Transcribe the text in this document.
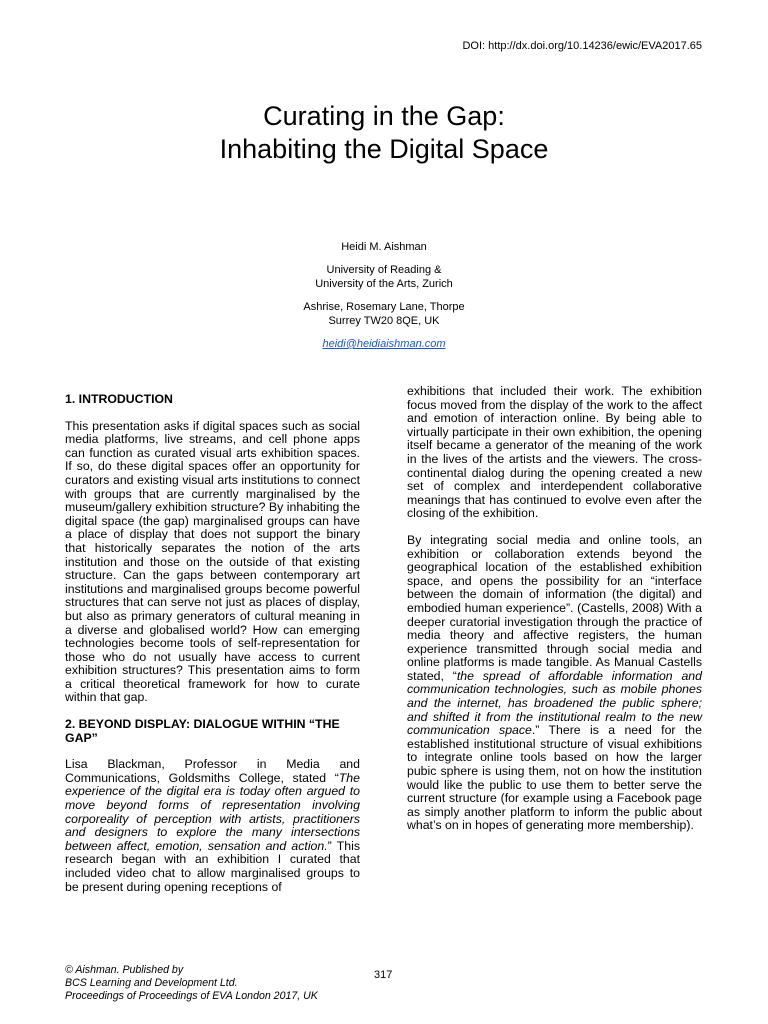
DOI: http://dx.doi.org/10.14236/ewic/EVA2017.65
Curating in the Gap:
Inhabiting the Digital Space
Heidi M. Aishman
University of Reading &
University of the Arts, Zurich
Ashrise, Rosemary Lane, Thorpe
Surrey TW20 8QE, UK
heidi@heidiaishman.com
1. INTRODUCTION

This presentation asks if digital spaces such as social media platforms, live streams, and cell phone apps can function as curated visual arts exhibition spaces. If so, do these digital spaces offer an opportunity for curators and existing visual arts institutions to connect with groups that are currently marginalised by the museum/gallery exhibition structure? By inhabiting the digital space (the gap) marginalised groups can have a place of display that does not support the binary that historically separates the notion of the arts institution and those on the outside of that existing structure. Can the gaps between contemporary art institutions and marginalised groups become powerful structures that can serve not just as places of display, but also as primary generators of cultural meaning in a diverse and globalised world? How can emerging technologies become tools of self-representation for those who do not usually have access to current exhibition structures? This presentation aims to form a critical theoretical framework for how to curate within that gap.

2. BEYOND DISPLAY: DIALOGUE WITHIN “THE GAP”

Lisa Blackman, Professor in Media and Communications, Goldsmiths College, stated “The experience of the digital era is today often argued to move beyond forms of representation involving corporeality of perception with artists, practitioners and designers to explore the many intersections between affect, emotion, sensation and action.” This research began with an exhibition I curated that included video chat to allow marginalised groups to be present during opening receptions of

exhibitions that included their work. The exhibition focus moved from the display of the work to the affect and emotion of interaction online. By being able to virtually participate in their own exhibition, the opening itself became a generator of the meaning of the work in the lives of the artists and the viewers. The cross-continental dialog during the opening created a new set of complex and interdependent collaborative meanings that has continued to evolve even after the closing of the exhibition.

By integrating social media and online tools, an exhibition or collaboration extends beyond the geographical location of the established exhibition space, and opens the possibility for an “interface between the domain of information (the digital) and embodied human experience”. (Castells, 2008) With a deeper curatorial investigation through the practice of media theory and affective registers, the human experience transmitted through social media and online platforms is made tangible. As Manual Castells stated, “the spread of affordable information and communication technologies, such as mobile phones and the internet, has broadened the public sphere; and shifted it from the institutional realm to the new communication space.” There is a need for the established institutional structure of visual exhibitions to integrate online tools based on how the larger pubic sphere is using them, not on how the institution would like the public to use them to better serve the current structure (for example using a Facebook page as simply another platform to inform the public about what’s on in hopes of generating more membership).

© Aishman. Published by
BCS Learning and Development Ltd.
Proceedings of Proceedings of EVA London 2017, UK
317
